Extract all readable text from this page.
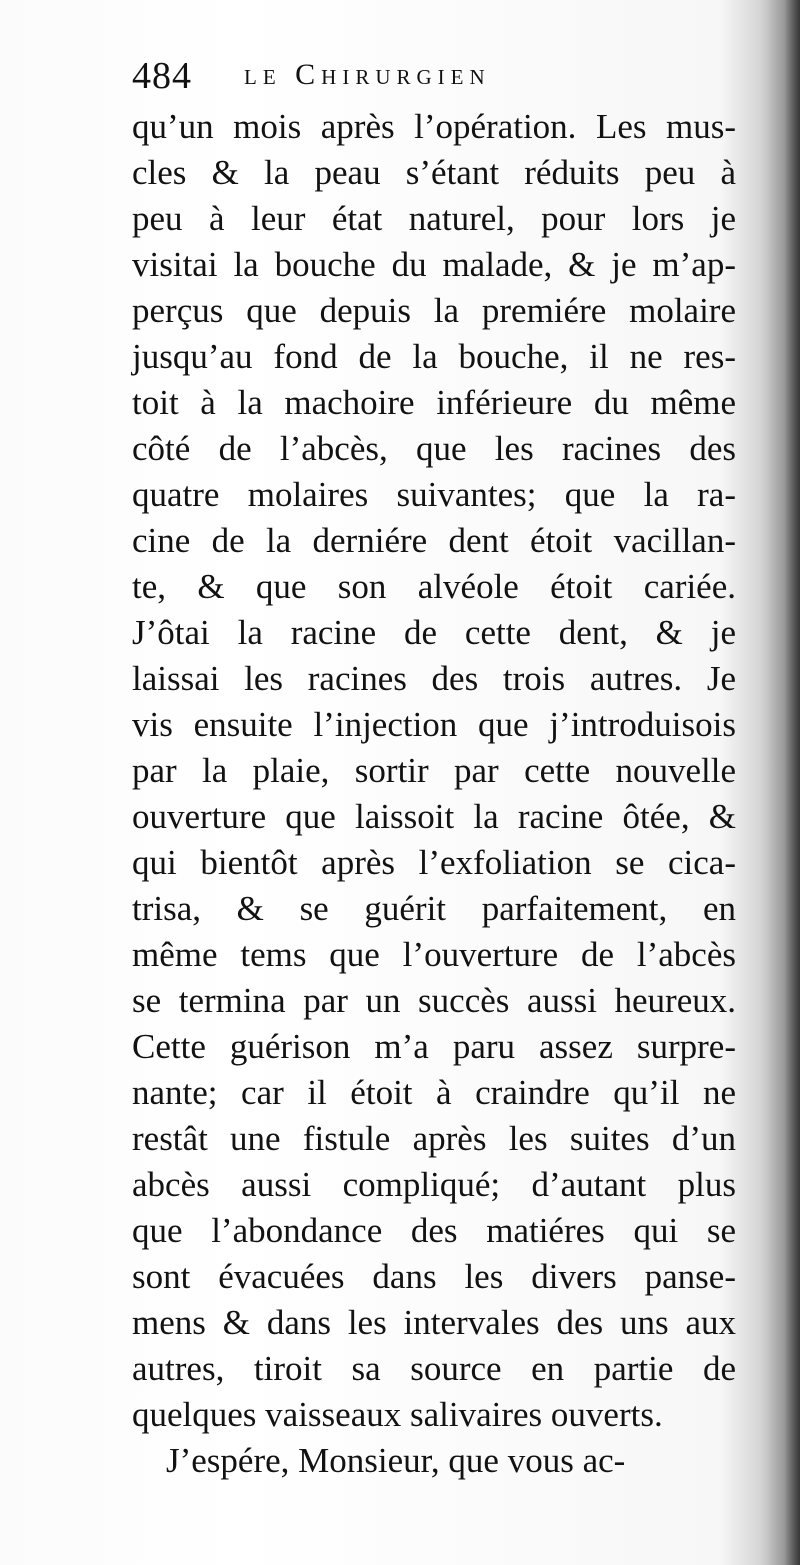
484 le Chirurgien
qu’un mois après l’opération. Les mus-
cles & la peau s’étant réduits peu à
peu à leur état naturel, pour lors je
visitai la bouche du malade, & je m’ap-
perçus que depuis la premiére molaire
jusqu’au fond de la bouche, il ne res-
toit à la machoire inférieure du même
côté de l’abcès, que les racines des
quatre molaires suivantes; que la ra-
cine de la derniére dent étoit vacillan-
te, & que son alvéole étoit cariée.
J’ôtai la racine de cette dent, & je
laissai les racines des trois autres. Je
vis ensuite l’injection que j’introduisois
par la plaie, sortir par cette nouvelle
ouverture que laissoit la racine ôtée, &
qui bientôt après l’exfoliation se cica-
trisa, & se guérit parfaitement, en
même tems que l’ouverture de l’abcès
se termina par un succès aussi heureux.
Cette guérison m’a paru assez surpre-
nante; car il étoit à craindre qu’il ne
restât une fistule après les suites d’un
abcès aussi compliqué; d’autant plus
que l’abondance des matiéres qui se
sont évacuées dans les divers panse-
mens & dans les intervales des uns aux
autres, tiroit sa source en partie de
quelques vaisseaux salivaires ouverts.
J’espére, Monsieur, que vous ac-
